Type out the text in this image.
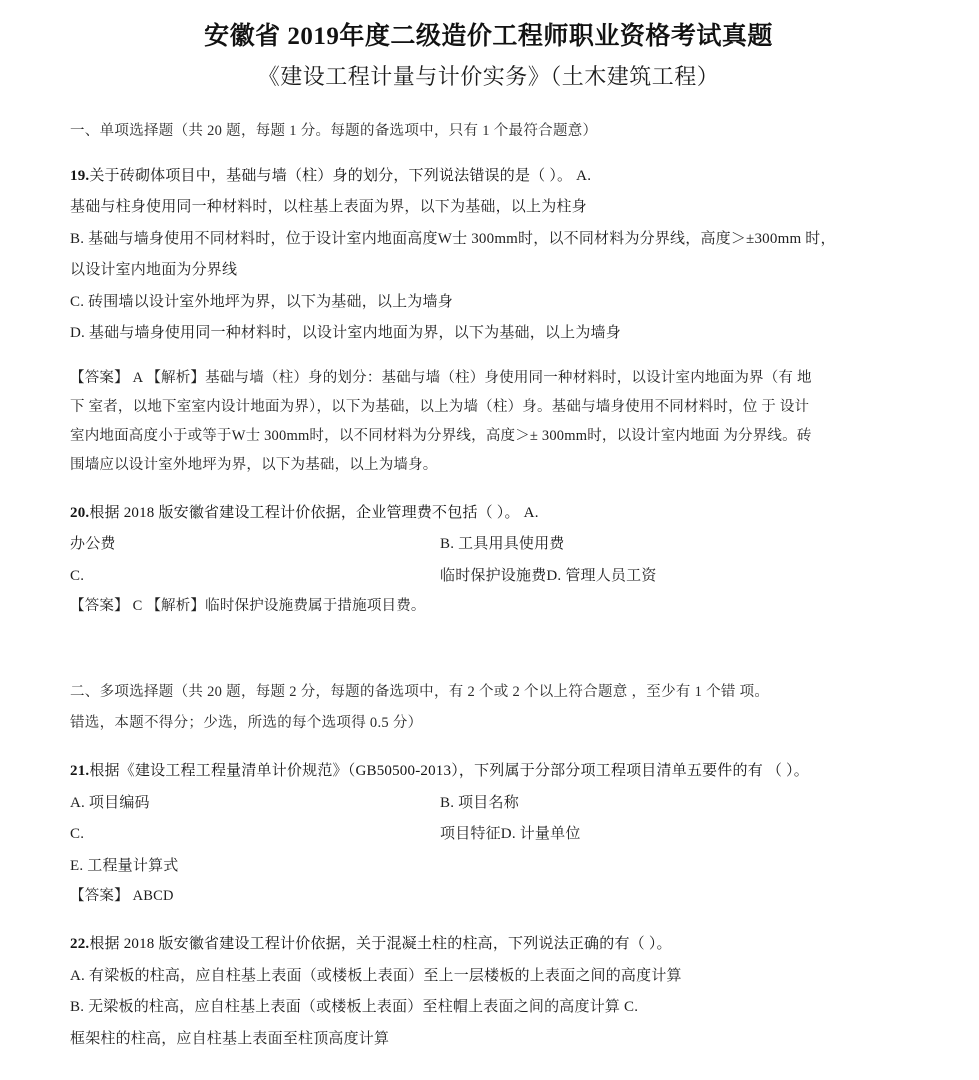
安徽省 2019年度二级造价工程师职业资格考试真题
《建设工程计量与计价实务》（土木建筑工程）
一、单项选择题（共 20 题，每题 1 分。每题的备选项中，只有 1 个最符合题意）
19.关于砖砌体项目中，基础与墙（柱）身的划分，下列说法错误的是（ ）。 A.
基础与柱身使用同一种材料时，以柱基上表面为界，以下为基础，以上为柱身
B. 基础与墙身使用不同材料时，位于设计室内地面高度W士 300mm时，以不同材料为分界线，高度＞±300mm 时，
以设计室内地面为分界线
C. 砖围墙以设计室外地坪为界，以下为基础，以上为墙身
D. 基础与墙身使用同一种材料时，以设计室内地面为界，以下为基础，以上为墙身
【答案】 A 【解析】基础与墙（柱）身的划分：基础与墙（柱）身使用同一种材料时，以设计室内地面为界（有 地
下 室者，以地下室室内设计地面为界），以下为基础，以上为墙（柱）身。基础与墙身使用不同材料时，位 于 设计
室内地面高度小于或等于W士 300mm时，以不同材料为分界线，高度＞± 300mm时，以设计室内地面 为分界线。砖
围墙应以设计室外地坪为界，以下为基础，以上为墙身。
20.根据 2018 版安徽省建设工程计价依据，企业管理费不包括（ ）。 A.
办公费	B. 工具用具使用费
C.	临时保护设施费D. 管理人员工资
【答案】 C 【解析】临时保护设施费属于措施项目费。
二、多项选择题（共 20 题，每题 2 分，每题的备选项中，有 2 个或 2 个以上符合题意 ，至少有 1 个错 项。
错选，本题不得分；少选，所选的每个选项得 0.5 分）
21.根据《建设工程工程量清单计价规范》（GB50500-2013），下列属于分部分项工程项目清单五要件的有 （ ）。
A. 项目编码	B. 项目名称
C.	项目特征D. 计量单位
E. 工程量计算式
【答案】 ABCD
22.根据 2018 版安徽省建设工程计价依据，关于混凝土柱的柱高，下列说法正确的有（ ）。
A. 有梁板的柱高，应自柱基上表面（或楼板上表面）至上一层楼板的上表面之间的高度计算
B. 无梁板的柱高，应自柱基上表面（或楼板上表面）至柱帽上表面之间的高度计算 C.
框架柱的柱高，应自柱基上表面至柱顶高度计算
